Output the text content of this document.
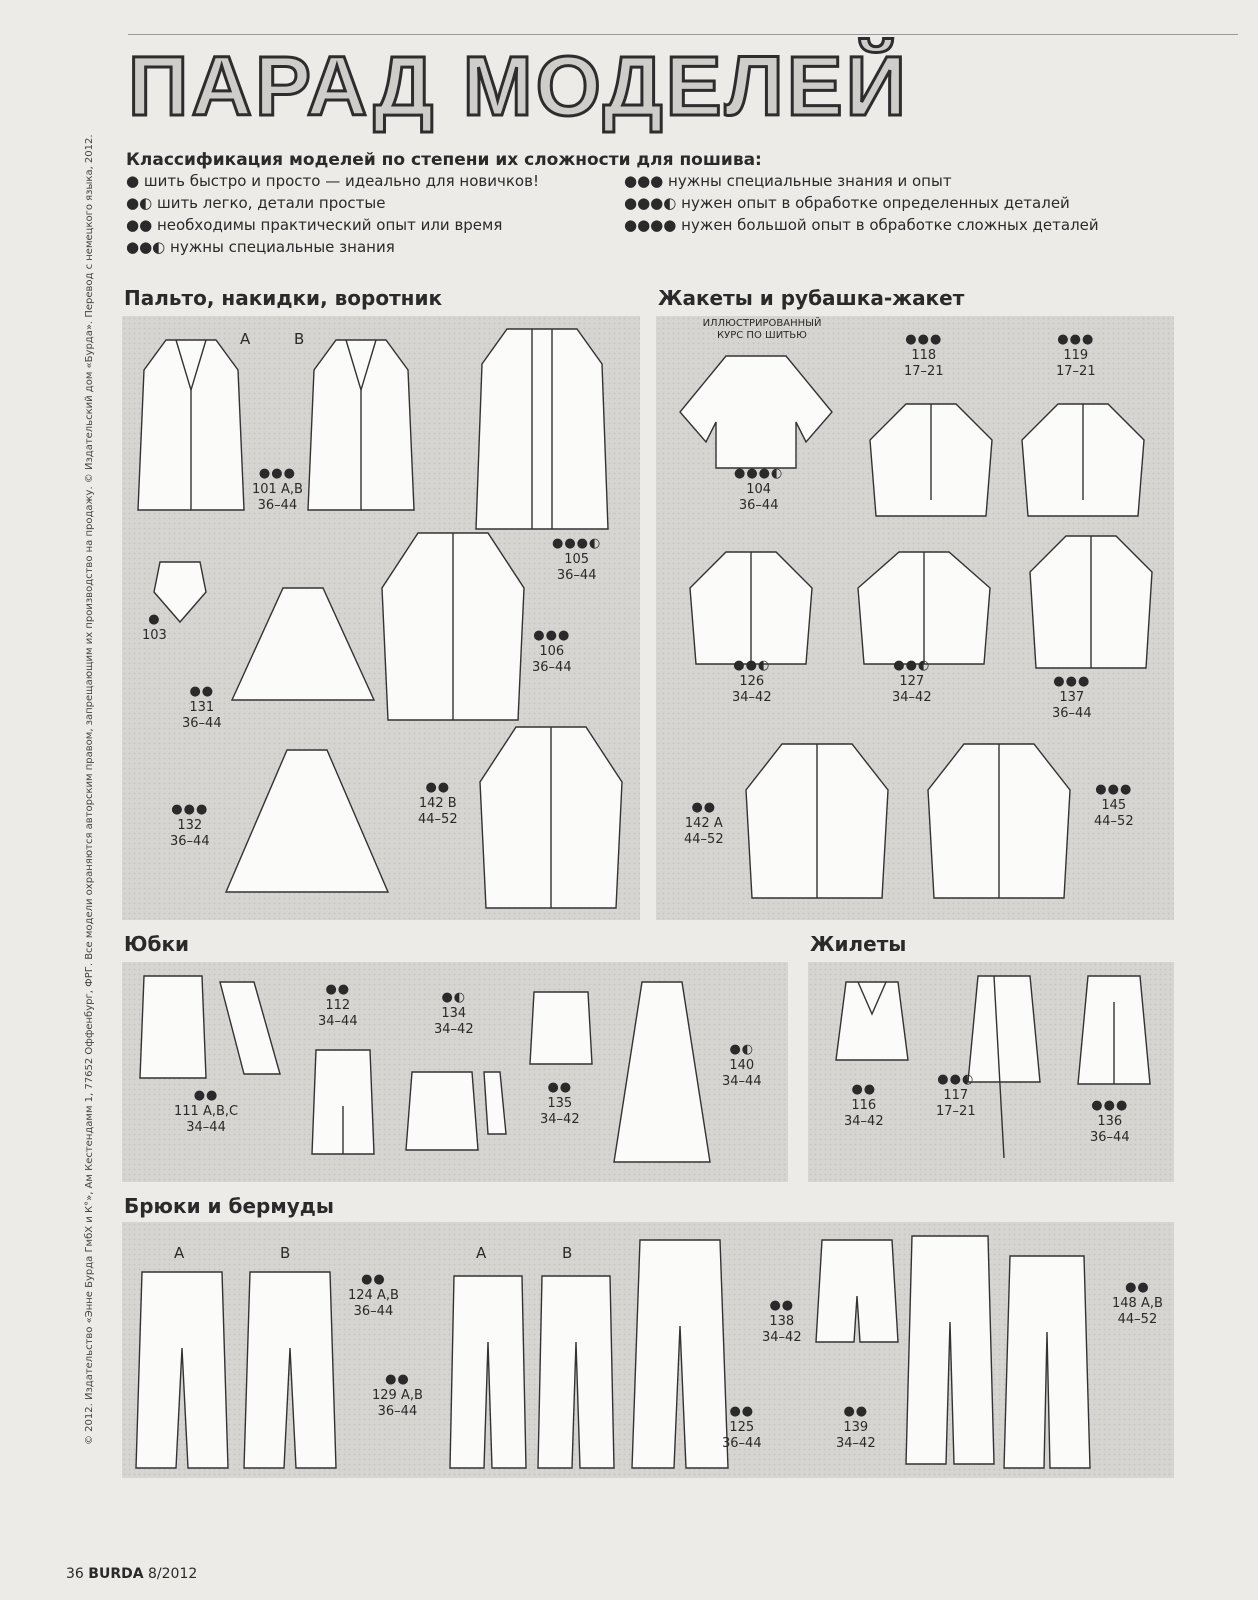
ПАРАД МОДЕЛЕЙ
Классификация моделей по степени их сложности для пошива:
● шить быстро и просто — идеально для новичков!
●◐ шить легко, детали простые
●● необходимы практический опыт или время
●●◐ нужны специальные знания
●●● нужны специальные знания и опыт
●●●◐ нужен опыт в обработке определенных деталей
●●●● нужен большой опыт в обработке сложных деталей
© 2012. Издательство «Энне Бурда ГмбХ и К°», Ам Кестендамм 1, 77652 Оффенбург, ФРГ. Все модели охраняются авторским правом, запрещающим их производство на продажу. © Издательский дом «Бурда». Перевод с немецкого языка, 2012. Пальто, накидки, воротник
A	B
●●●
101 A,B
36–44
●●●◐
105
36–44
●
103
●●
131
36–44
●●●
106
36–44
●●●
132
36–44
●●
142 B
44–52
Жакеты и рубашка-жакет
ИЛЛЮСТРИРОВАННЫЙ КУРС ПО ШИТЬЮ
●●●◐
104
36–44
●●●
118
17–21
●●●
119
17–21
●●◐
126
34–42
●●◐
127
34–42
●●●
137
36–44
●●
142 A
44–52
●●●
145
44–52
Юбки
●●
111 A,B,C
34–44
●●
112
34–44
●◐
134
34–42
●●
135
34–42
●◐
140
34–44
Жилеты
●●
116
34–42
●●◐
117
17–21	●●●
136
36–44
Брюки и бермуды
A	B
●●
124 A,B
36–44
●●
129 A,B
36–44
A	B
●●
125
36–44
●●
138
34–42
●●
139
34–42
●●
148 A,B
44–52
36 BURDA 8/2012
